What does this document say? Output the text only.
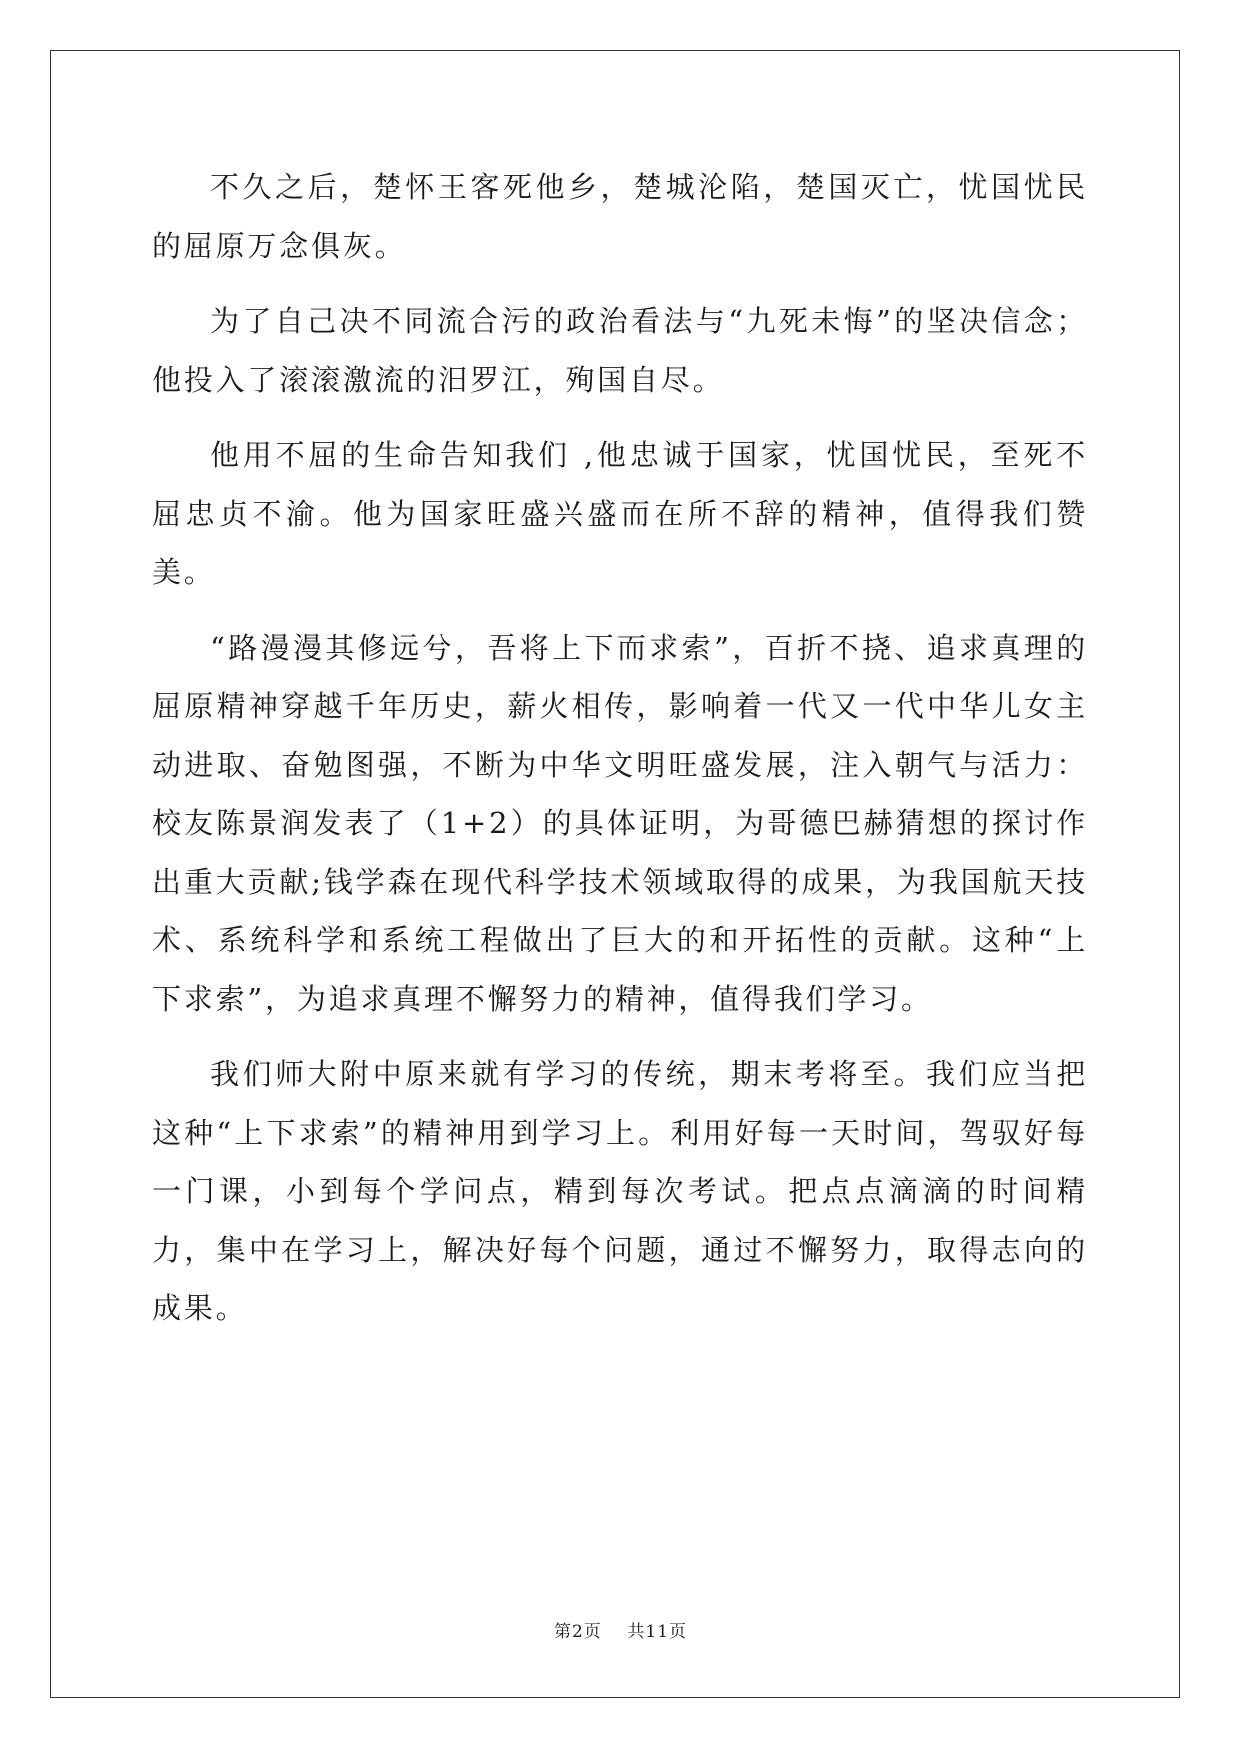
不久之后，楚怀王客死他乡，楚城沦陷，楚国灭亡，忧国忧民的屈原万念俱灰。

为了自己决不同流合污的政治看法与“九死未悔”的坚决信念；他投入了滚滚激流的汨罗江，殉国自尽。

他用不屈的生命告知我们 ,他忠诚于国家，忧国忧民，至死不屈忠贞不渝。他为国家旺盛兴盛而在所不辞的精神，值得我们赞美。

“路漫漫其修远兮，吾将上下而求索”，百折不挠、追求真理的屈原精神穿越千年历史，薪火相传，影响着一代又一代中华儿女主动进取、奋勉图强，不断为中华文明旺盛发展，注入朝气与活力：校友陈景润发表了（1+2）的具体证明，为哥德巴赫猜想的探讨作出重大贡献;钱学森在现代科学技术领域取得的成果，为我国航天技术、系统科学和系统工程做出了巨大的和开拓性的贡献。这种“上下求索”，为追求真理不懈努力的精神，值得我们学习。

我们师大附中原来就有学习的传统，期末考将至。我们应当把这种“上下求索”的精神用到学习上。利用好每一天时间，驾驭好每一门课，小到每个学问点，精到每次考试。把点点滴滴的时间精力，集中在学习上，解决好每个问题，通过不懈努力，取得志向的成果。

第2页 共11页
